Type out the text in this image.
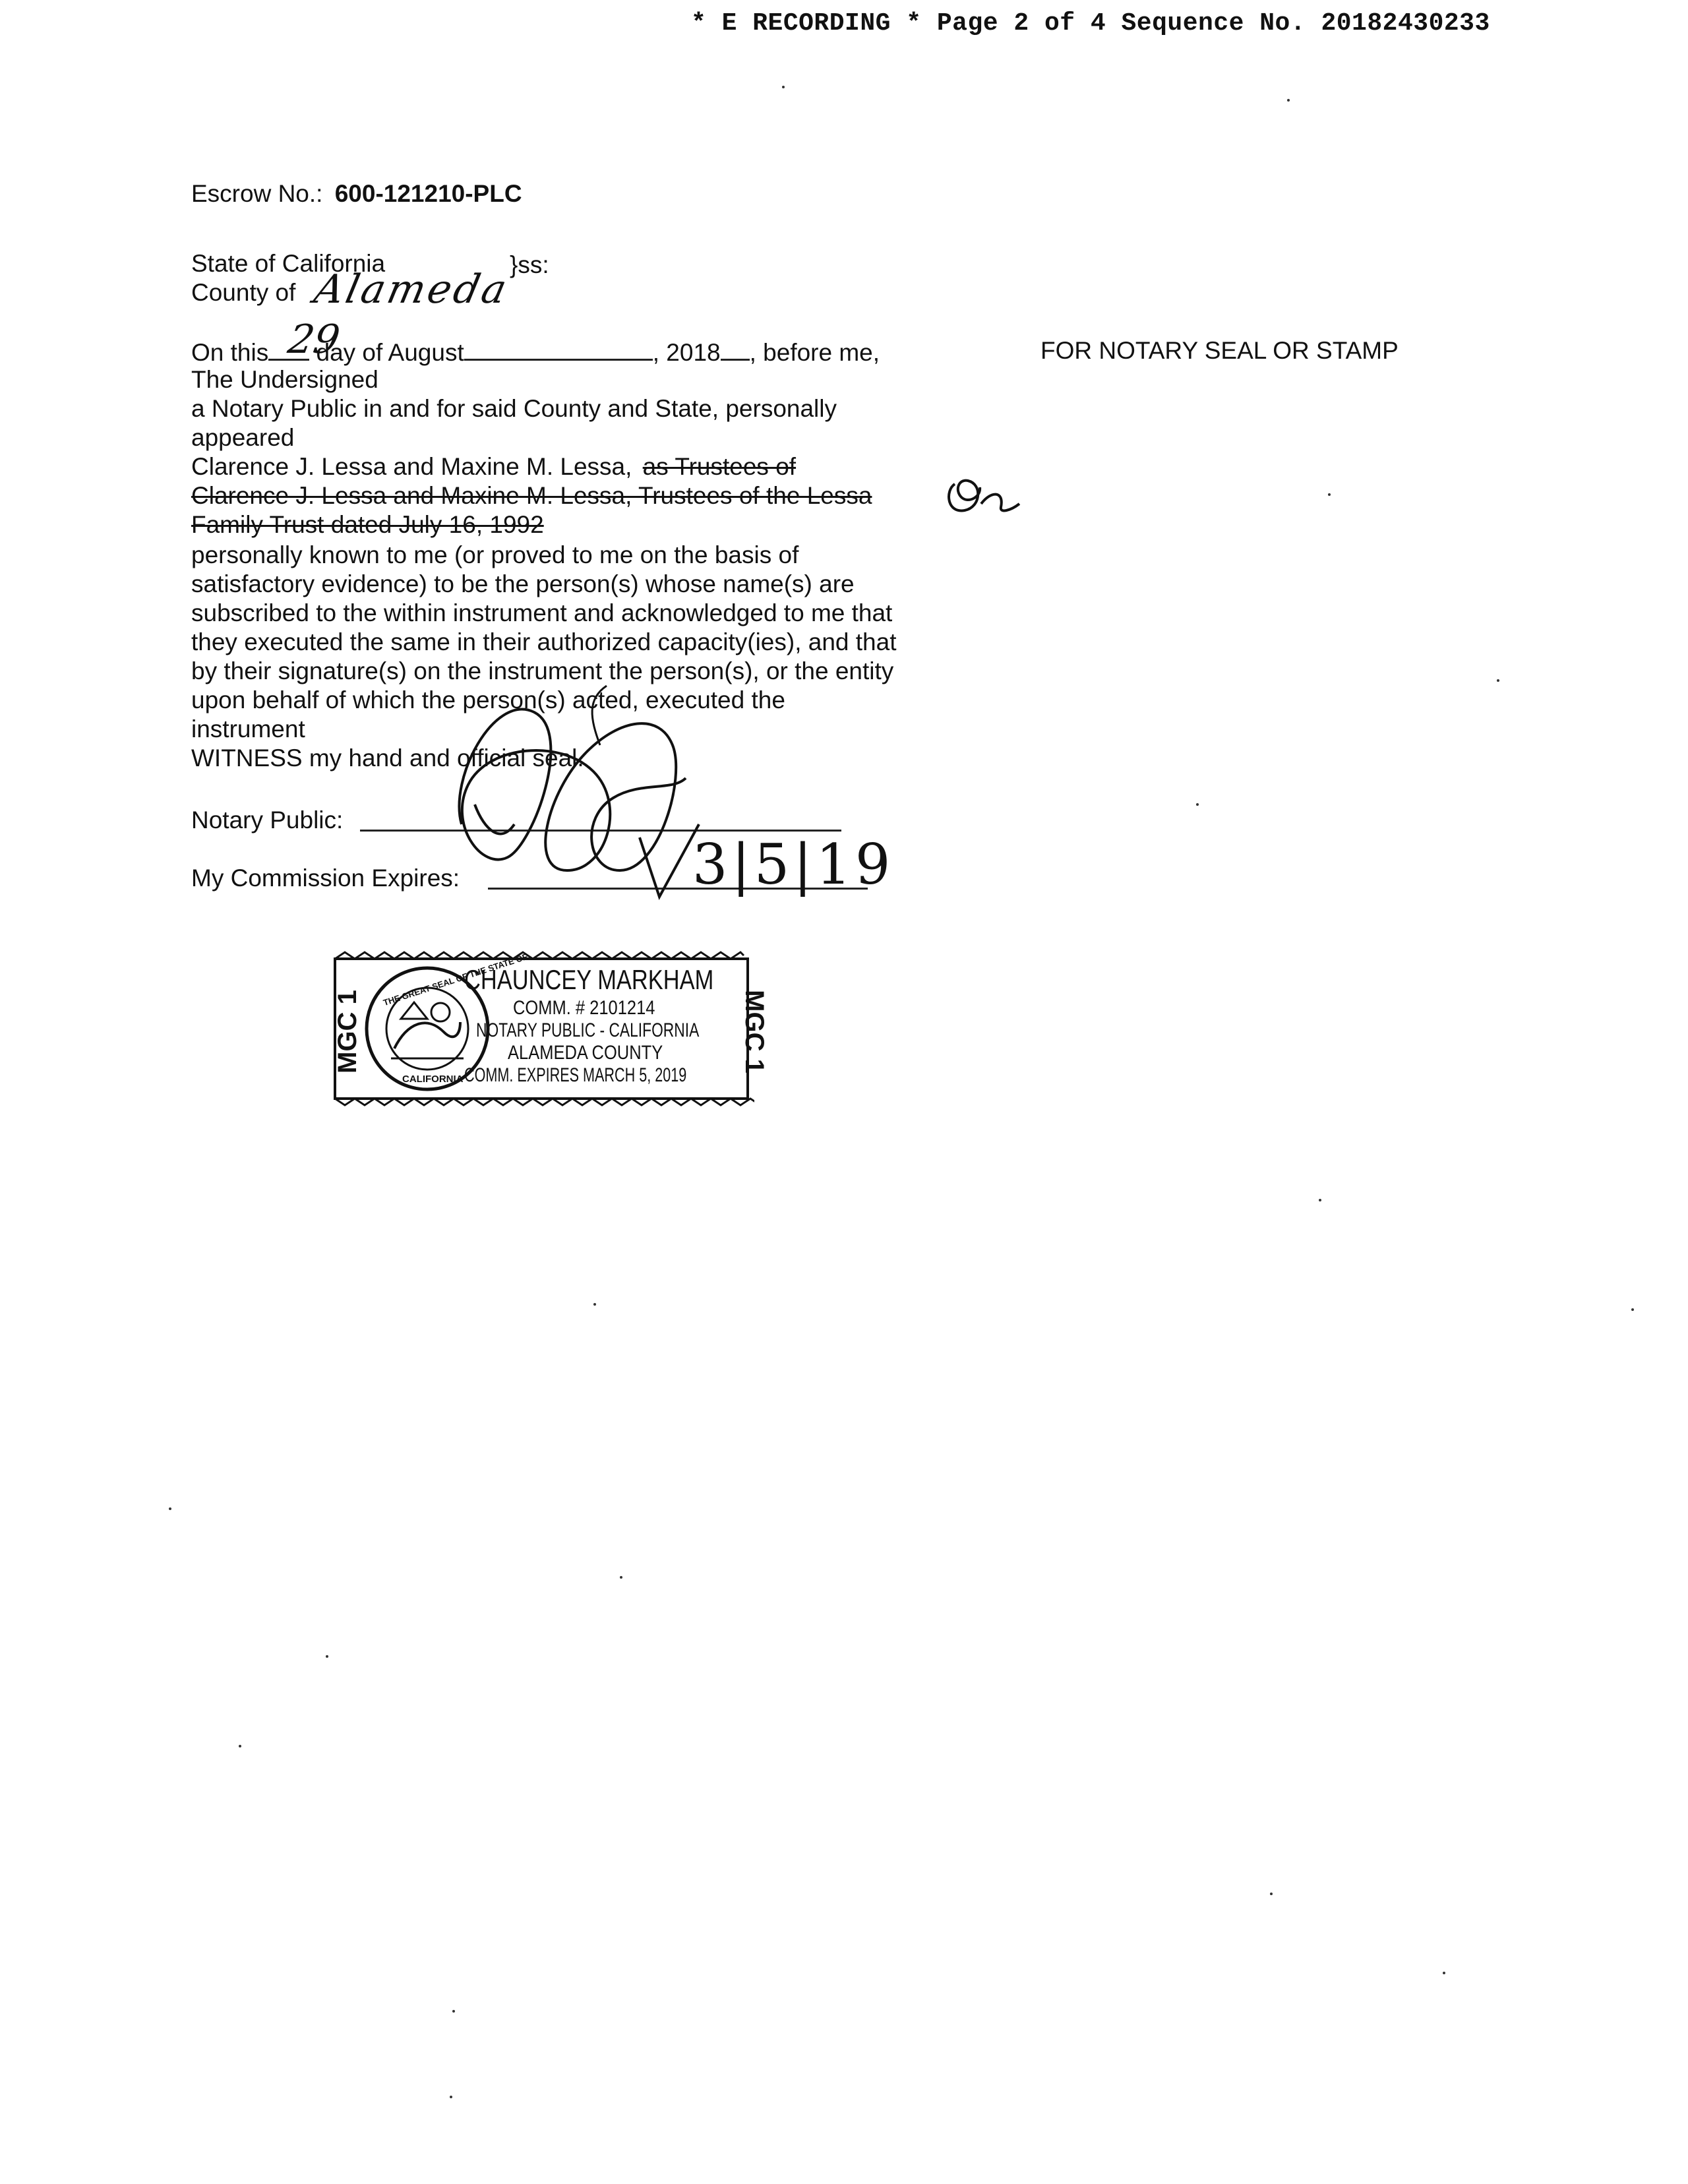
* E RECORDING * Page 2 of 4 Sequence No. 20182430233
Escrow No.: 600-121210-PLC
State of California	}ss:
County of Alameda
On this day of August	, 2018 , before me,
29	FOR NOTARY SEAL OR STAMP
The Undersigned
a Notary Public in and for said County and State, personally
appeared
Clarence J. Lessa and Maxine M. Lessa, as Trustees of
Clarence J. Lessa and Maxine M. Lessa, Trustees of the Lessa
Family Trust dated July 16, 1992
personally known to me (or proved to me on the basis of
satisfactory evidence) to be the person(s) whose name(s) are
subscribed to the within instrument and acknowledged to me that
they executed the same in their authorized capacity(ies), and that
by their signature(s) on the instrument the person(s), or the entity
upon behalf of which the person(s) acted, executed the
instrument
WITNESS my hand and official seal.
Notary Public:
My Commission Expires:	3|5|19
THE GREAT SEAL OF THE STATE OF
CALIFORNIA
MGC 1	MGC 1
CHAUNCEY MARKHAM
COMM. # 2101214
NOTARY PUBLIC - CALIFORNIA
ALAMEDA COUNTY
COMM. EXPIRES MARCH 5, 2019
